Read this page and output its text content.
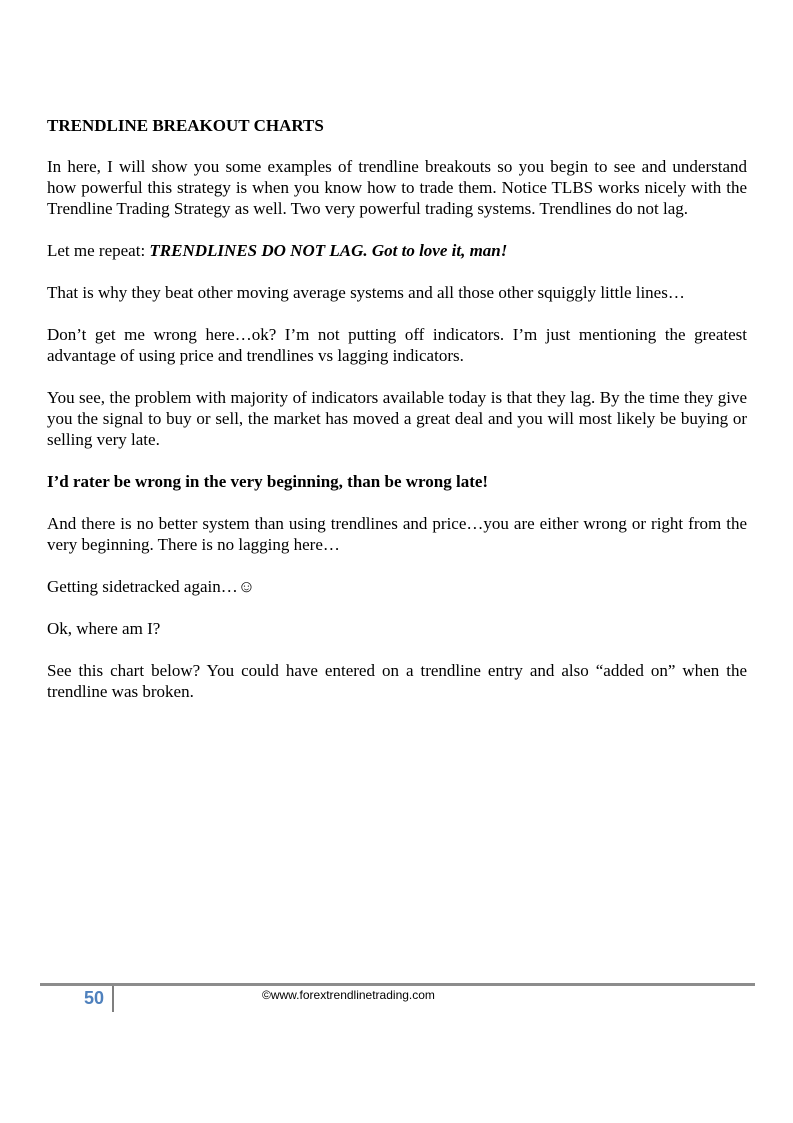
TRENDLINE BREAKOUT CHARTS

In here, I will show you some examples of trendline breakouts so you begin to see and understand how powerful this strategy is when you know how to trade them. Notice TLBS works nicely with the Trendline Trading Strategy as well. Two very powerful trading systems. Trendlines do not lag.

Let me repeat: TRENDLINES DO NOT LAG. Got to love it, man!

That is why they beat other moving average systems and all those other squiggly little lines…

Don’t get me wrong here…ok? I’m not putting off indicators. I’m just mentioning the greatest advantage of using price and trendlines vs lagging indicators.

You see, the problem with majority of indicators available today is that they lag. By the time they give you the signal to buy or sell, the market has moved a great deal and you will most likely be buying or selling very late.

I’d rater be wrong in the very beginning, than be wrong late!

And there is no better system than using trendlines and price…you are either wrong or right from the very beginning. There is no lagging here…

Getting sidetracked again…☺

Ok, where am I?

See this chart below? You could have entered on a trendline entry and also “added on” when the trendline was broken.

50	©www.forextrendlinetrading.com
